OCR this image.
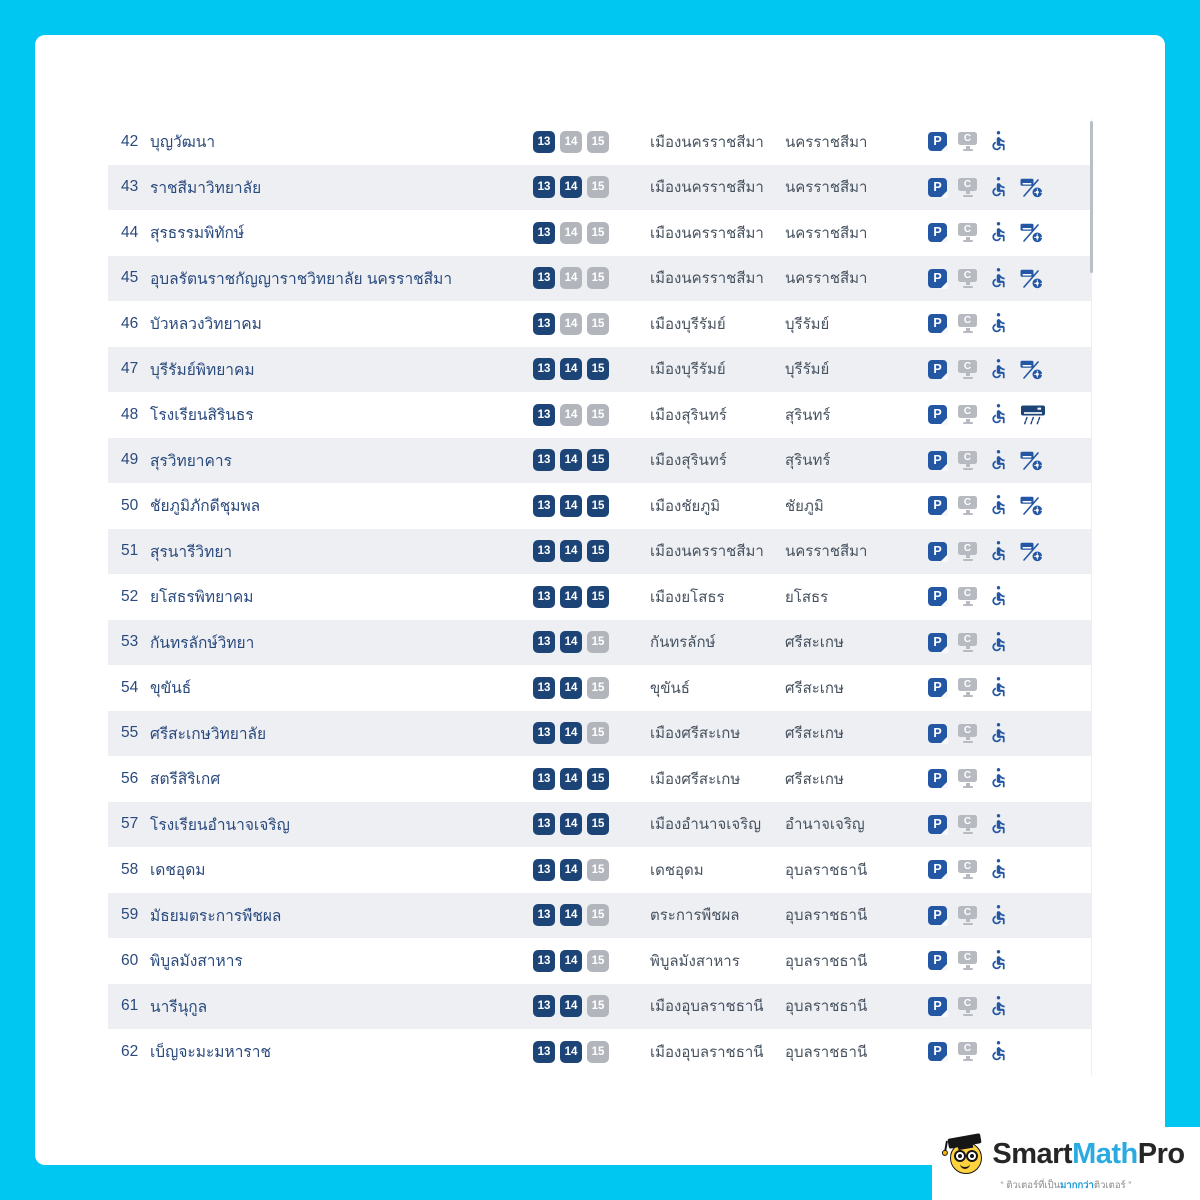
42 บุญวัฒนา	13	14	15	เมืองนครราชสีมา	นครราชสีมา	P	C
43 ราชสีมาวิทยาลัย	13	14	15	เมืองนครราชสีมา	นครราชสีมา	P	C
44 สุรธรรมพิทักษ์	13	14	15	เมืองนครราชสีมา	นครราชสีมา	P	C
45 อุบลรัตนราชกัญญาราชวิทยาลัย นครราชสีมา	13	14	15	เมืองนครราชสีมา	นครราชสีมา	P	C
46 บัวหลวงวิทยาคม	13	14	15	เมืองบุรีรัมย์	บุรีรัมย์	P	C
47 บุรีรัมย์พิทยาคม	13	14	15	เมืองบุรีรัมย์	บุรีรัมย์	P	C
48 โรงเรียนสิรินธร	13	14	15	เมืองสุรินทร์	สุรินทร์	P	C
49 สุรวิทยาคาร	13	14	15	เมืองสุรินทร์	สุรินทร์	P	C
50 ชัยภูมิภักดีชุมพล	13	14	15	เมืองชัยภูมิ	ชัยภูมิ	P	C
51 สุรนารีวิทยา	13	14	15	เมืองนครราชสีมา	นครราชสีมา	P	C
52 ยโสธรพิทยาคม	13	14	15	เมืองยโสธร	ยโสธร	P	C
53 กันทรลักษ์วิทยา	13	14	15	กันทรลักษ์	ศรีสะเกษ	P	C
54 ขุขันธ์	13	14	15	ขุขันธ์	ศรีสะเกษ	P	C
55 ศรีสะเกษวิทยาลัย	13	14	15	เมืองศรีสะเกษ	ศรีสะเกษ	P	C
56 สตรีสิริเกศ	13	14	15	เมืองศรีสะเกษ	ศรีสะเกษ	P	C
57 โรงเรียนอำนาจเจริญ	13	14	15	เมืองอำนาจเจริญ	อำนาจเจริญ	P	C
58 เดชอุดม	13	14	15	เดชอุดม	อุบลราชธานี	P	C
59 มัธยมตระการพืชผล	13	14	15	ตระการพืชผล	อุบลราชธานี	P	C
60 พิบูลมังสาหาร	13	14	15	พิบูลมังสาหาร	อุบลราชธานี	P	C
61 นารีนุกูล	13	14	15	เมืองอุบลราชธานี	อุบลราชธานี	P	C
62 เบ็ญจะมะมหาราช	13	14	15	เมืองอุบลราชธานี	อุบลราชธานี	P	C
SmartMathPro
“ ติวเตอร์ที่เป็นมากกว่าติวเตอร์ ”
